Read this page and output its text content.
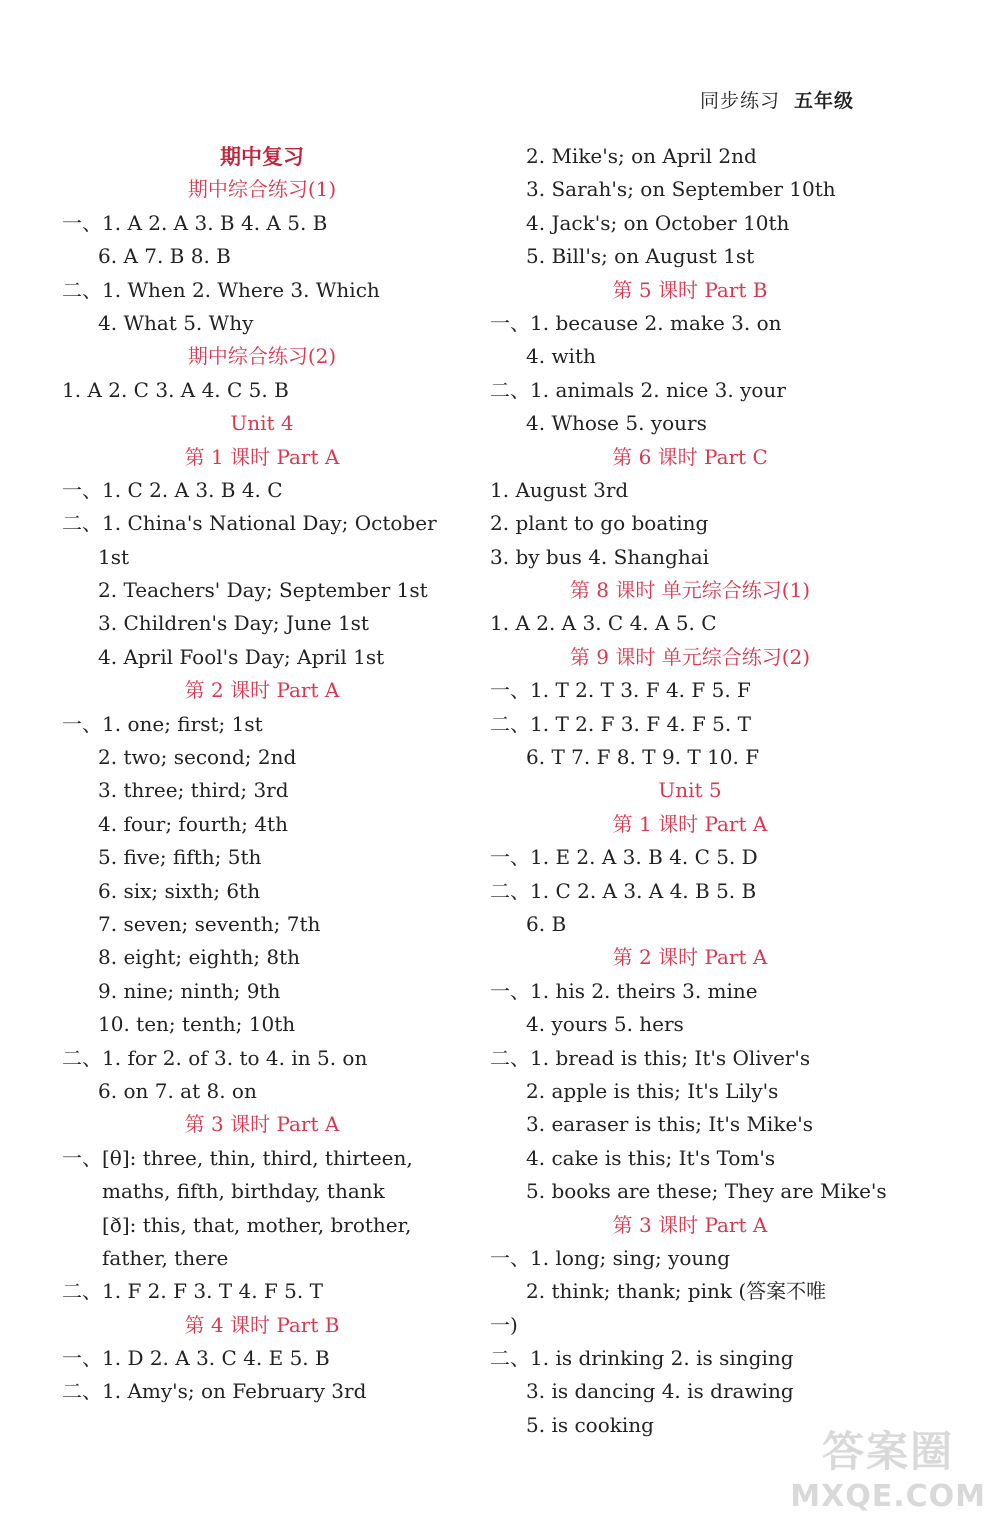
同步练习 五年级
期中复习
期中综合练习(1)
一、1. A 2. A 3. B 4. A 5. B
6. A 7. B 8. B
二、1. When 2. Where 3. Which
4. What 5. Why
期中综合练习(2)
1. A 2. C 3. A 4. C 5. B
Unit 4
第 1 课时 Part A
一、1. C 2. A 3. B 4. C
二、1. China's National Day; October
1st
2. Teachers' Day; September 1st
3. Children's Day; June 1st
4. April Fool's Day; April 1st
第 2 课时 Part A
一、1. one; first; 1st
2. two; second; 2nd
3. three; third; 3rd
4. four; fourth; 4th
5. five; fifth; 5th
6. six; sixth; 6th
7. seven; seventh; 7th
8. eight; eighth; 8th
9. nine; ninth; 9th
10. ten; tenth; 10th
二、1. for 2. of 3. to 4. in 5. on
6. on 7. at 8. on
第 3 课时 Part A
一、[θ]: three, thin, third, thirteen,
maths, fifth, birthday, thank
[ð]: this, that, mother, brother,
father, there
二、1. F 2. F 3. T 4. F 5. T
第 4 课时 Part B
一、1. D 2. A 3. C 4. E 5. B
二、1. Amy's; on February 3rd
2. Mike's; on April 2nd
3. Sarah's; on September 10th
4. Jack's; on October 10th
5. Bill's; on August 1st
第 5 课时 Part B
一、1. because 2. make 3. on
4. with
二、1. animals 2. nice 3. your
4. Whose 5. yours
第 6 课时 Part C
1. August 3rd
2. plant to go boating
3. by bus 4. Shanghai
第 8 课时 单元综合练习(1)
1. A 2. A 3. C 4. A 5. C
第 9 课时 单元综合练习(2)
一、1. T 2. T 3. F 4. F 5. F
二、1. T 2. F 3. F 4. F 5. T
6. T 7. F 8. T 9. T 10. F
Unit 5
第 1 课时 Part A
一、1. E 2. A 3. B 4. C 5. D
二、1. C 2. A 3. A 4. B 5. B
6. B
第 2 课时 Part A
一、1. his 2. theirs 3. mine
4. yours 5. hers
二、1. bread is this; It's Oliver's
2. apple is this; It's Lily's
3. earaser is this; It's Mike's
4. cake is this; It's Tom's
5. books are these; They are Mike's
第 3 课时 Part A
一、1. long; sing; young
2. think; thank; pink (答案不唯
一)
二、1. is drinking 2. is singing
3. is dancing 4. is drawing
5. is cooking
答案圈
MXQE.COM
